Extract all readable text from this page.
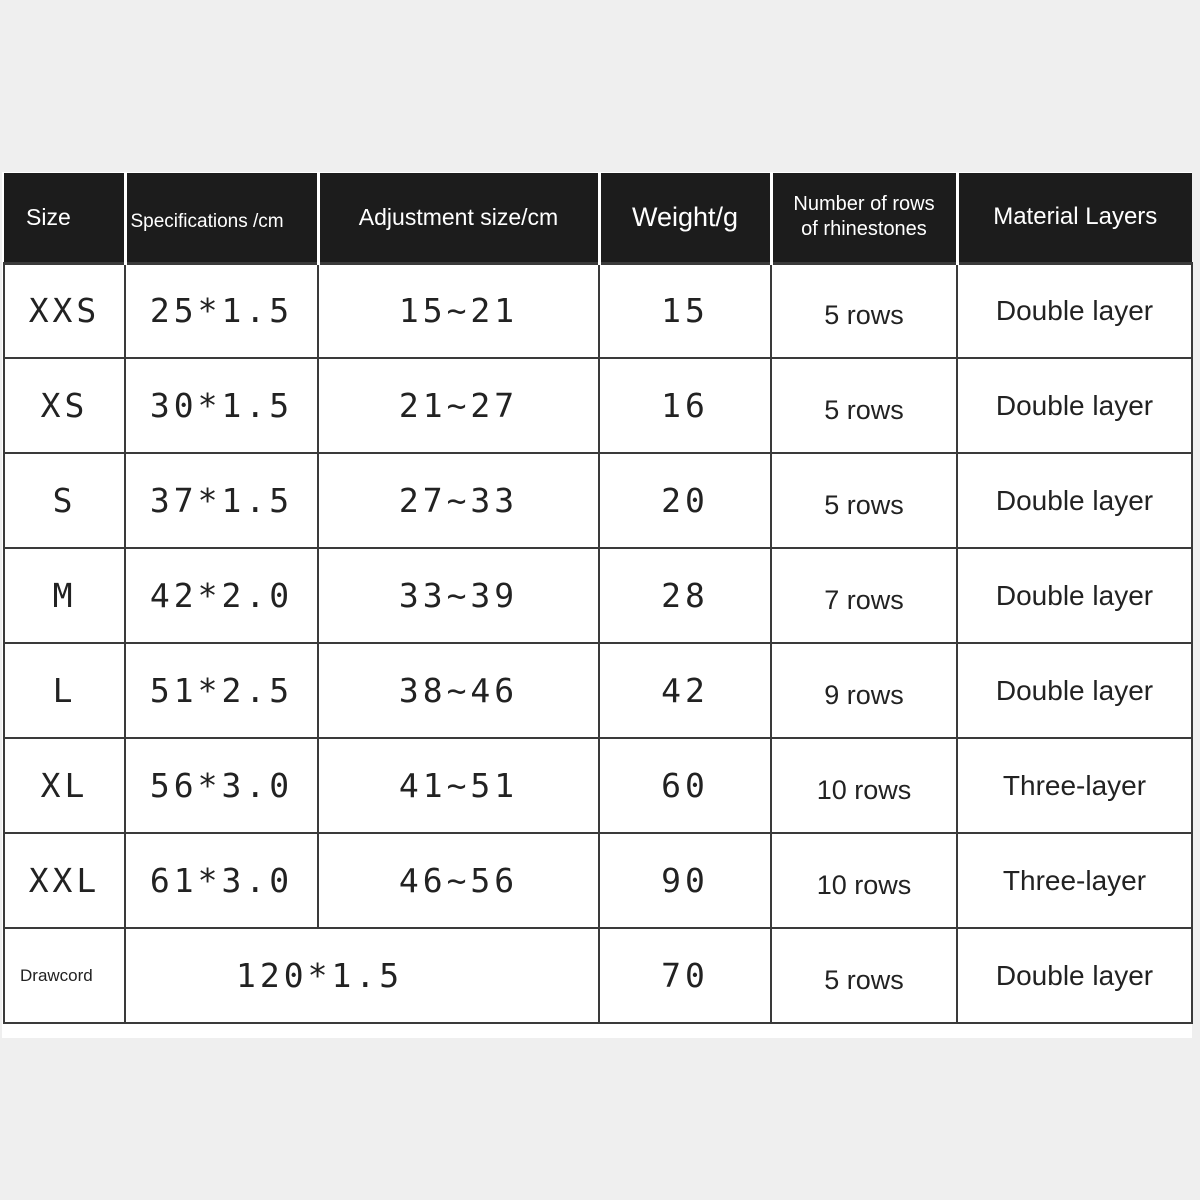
Size	Specifications /cm	Adjustment size/cm	Weight/g	Number of rows
of rhinestones	Material Layers
XXS	25*1.5	15~21	15	5 rows	Double layer
XS	30*1.5	21~27	16	5 rows	Double layer
S	37*1.5	27~33	20	5 rows	Double layer
M	42*2.0	33~39	28	7 rows	Double layer
L	51*2.5	38~46	42	9 rows	Double layer
XL	56*3.0	41~51	60	10 rows	Three-layer
XXL	61*3.0	46~56	90	10 rows	Three-layer
Drawcord	120*1.5		70	5 rows	Double layer
